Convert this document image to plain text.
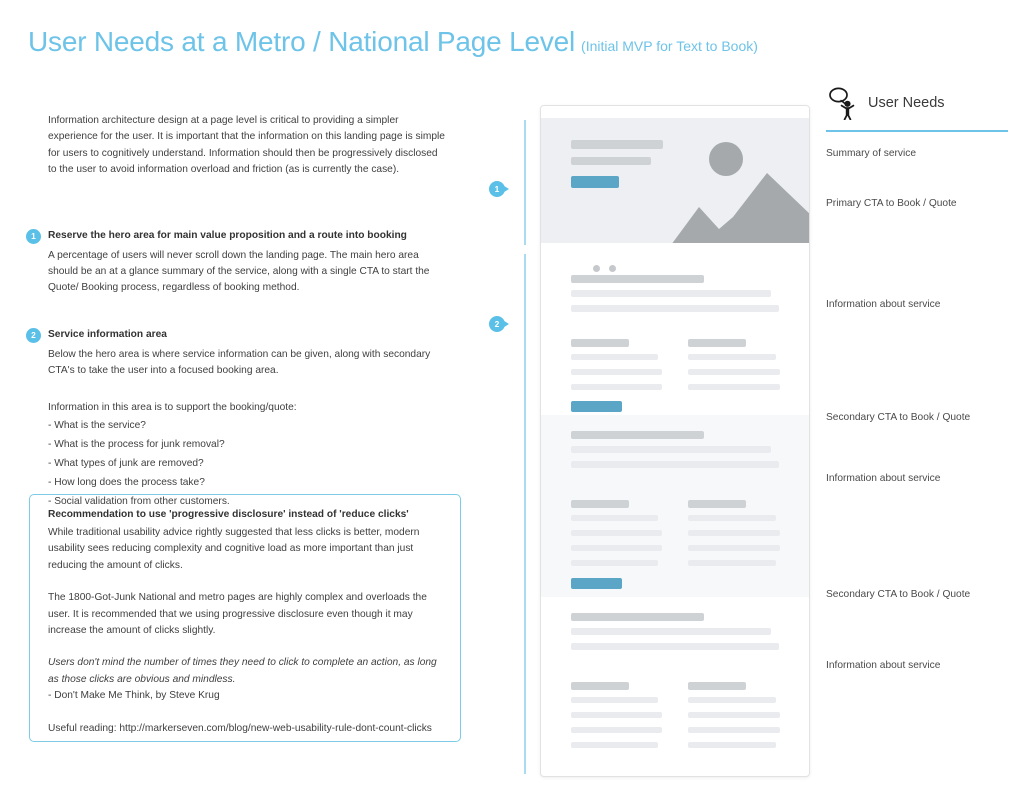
User Needs at a Metro / National Page Level (Initial MVP for Text to Book)
Information architecture design at a page level is critical to providing a simpler experience for the user. It is important that the information on this landing page is simple for users to cognitively understand. Information should then be progressively disclosed to the user to avoid information overload and friction (as is currently the case).
1	Reserve the hero area for main value proposition and a route into booking
A percentage of users will never scroll down the landing page. The main hero area should be an at a glance summary of the service, along with a single CTA to start the Quote/ Booking process, regardless of booking method.
2	Service information area
Below the hero area is where service information can be given, along with secondary CTA's to take the user into a focused booking area.
Information in this area is to support the booking/quote:
- What is the service?
- What is the process for junk removal?
- What types of junk are removed?
- How long does the process take?
- Social validation from other customers.
Recommendation to use 'progressive disclosure' instead of 'reduce clicks'

While traditional usability advice rightly suggested that less clicks is better, modern usability sees reducing complexity and cognitive load as more important than just reducing the amount of clicks.

The 1800-Got-Junk National and metro pages are highly complex and overloads the user. It is recommended that we using progressive disclosure even though it may increase the amount of clicks slightly.

Users don't mind the number of times they need to click to complete an action, as long as those clicks are obvious and mindless.

- Don't Make Me Think, by Steve Krug

Useful reading: http://markerseven.com/blog/new-web-usability-rule-dont-count-clicks

1
2

User Needs
Summary of service
Primary CTA to Book / Quote
Information about service
Secondary CTA to Book / Quote
Information about service
Secondary CTA to Book / Quote
Information about service
